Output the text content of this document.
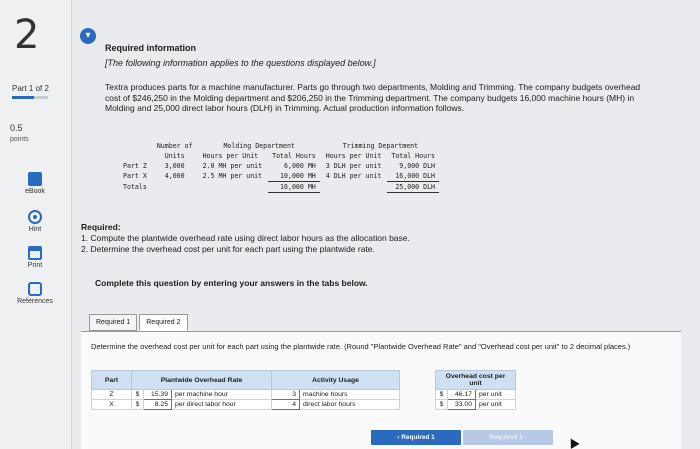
2
Part 1 of 2
0.5
points
eBook
Hint
Print
References
▾
Required information
[The following information applies to the questions displayed below.]
Textra produces parts for a machine manufacturer. Parts go through two departments, Molding and Trimming. The company budgets overhead cost of $246,250 in the Molding department and $206,250 in the Trimming department. The company budgets 16,000 machine hours (MH) in Molding and 25,000 direct labor hours (DLH) in Trimming. Actual production information follows.
	Number of	Molding Department		Trimming Department	
	Units	Hours per Unit	Total Hours	Hours per Unit	Total Hours
Part Z	3,000	2.0 MH per unit	6,000 MH	3 DLH per unit	9,000 DLH
Part X	4,000	2.5 MH per unit	10,000 MH	4 DLH per unit	16,000 DLH
Totals			16,000 MH		25,000 DLH
Required:
1. Compute the plantwide overhead rate using direct labor hours as the allocation base.
2. Determine the overhead cost per unit for each part using the plantwide rate.
Complete this question by entering your answers in the tabs below.
Required 1	Required 2
Determine the overhead cost per unit for each part using the plantwide rate. (Round "Plantwide Overhead Rate" and "Overhead cost per unit" to 2 decimal places.)
Part	Plantwide Overhead Rate			Activity Usage			Overhead cost per unit		
Z	$	15.39	per machine hour	3	machine hours		$	46.17	per unit
X	$	8.25	per direct labor hour	4	direct labor hours		$	33.00	per unit
‹ Required 1	Required 2 ›
